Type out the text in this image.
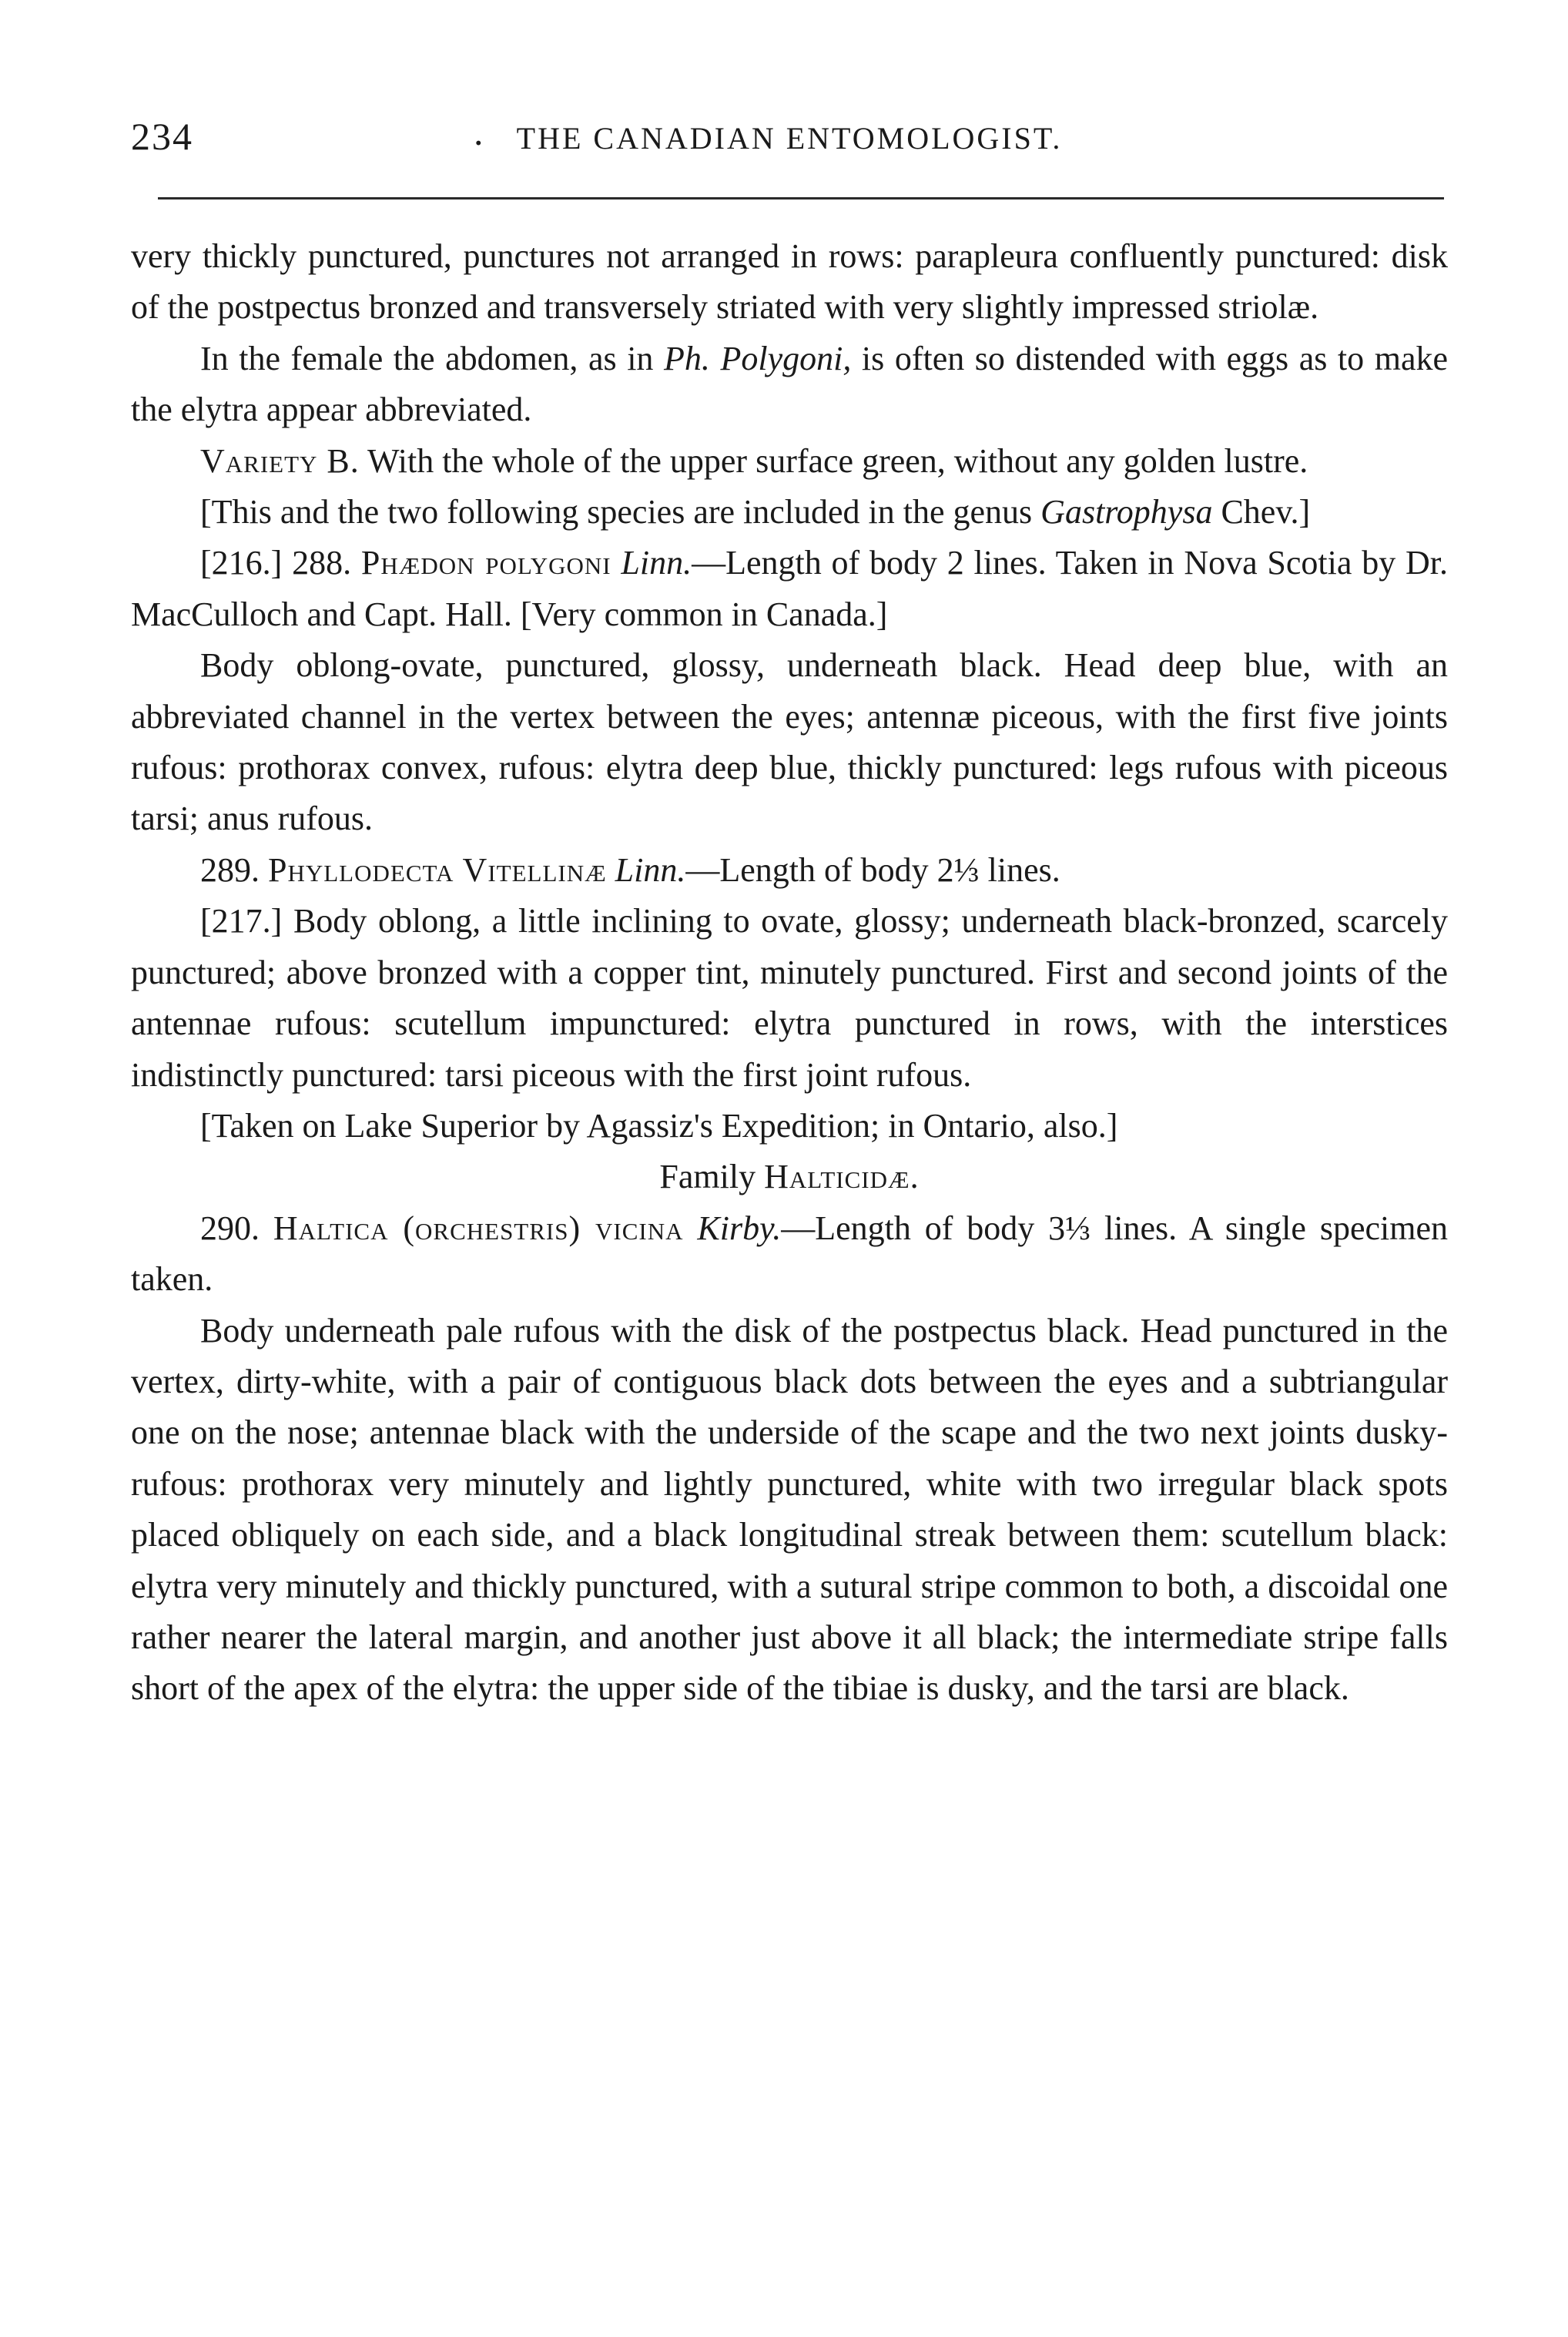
234	.	THE CANADIAN ENTOMOLOGIST.

very thickly punctured, punctures not arranged in rows: parapleura confluently punctured: disk of the postpectus bronzed and transversely striated with very slightly impressed striolæ.

In the female the abdomen, as in Ph. Polygoni, is often so distended with eggs as to make the elytra appear abbreviated.

Variety B. With the whole of the upper surface green, without any golden lustre.

[This and the two following species are included in the genus Gastrophysa Chev.]

[216.] 288. Phædon polygoni Linn.—Length of body 2 lines. Taken in Nova Scotia by Dr. MacCulloch and Capt. Hall. [Very common in Canada.]

Body oblong-ovate, punctured, glossy, underneath black. Head deep blue, with an abbreviated channel in the vertex between the eyes; antennæ piceous, with the first five joints rufous: prothorax convex, rufous: elytra deep blue, thickly punctured: legs rufous with piceous tarsi; anus rufous.

289. Phyllodecta Vitellinæ Linn.—Length of body 2⅓ lines.

[217.] Body oblong, a little inclining to ovate, glossy; underneath black-bronzed, scarcely punctured; above bronzed with a copper tint, minutely punctured. First and second joints of the antennae rufous: scutellum impunctured: elytra punctured in rows, with the interstices indistinctly punctured: tarsi piceous with the first joint rufous.

[Taken on Lake Superior by Agassiz's Expedition; in Ontario, also.]

Family Halticidæ.

290. Haltica (orchestris) vicina Kirby.—Length of body 3⅓ lines. A single specimen taken.

Body underneath pale rufous with the disk of the postpectus black. Head punctured in the vertex, dirty-white, with a pair of contiguous black dots between the eyes and a subtriangular one on the nose; antennae black with the underside of the scape and the two next joints dusky-rufous: prothorax very minutely and lightly punctured, white with two irregular black spots placed obliquely on each side, and a black longitudinal streak between them: scutellum black: elytra very minutely and thickly punctured, with a sutural stripe common to both, a discoidal one rather nearer the lateral margin, and another just above it all black; the intermediate stripe falls short of the apex of the elytra: the upper side of the tibiae is dusky, and the tarsi are black.
